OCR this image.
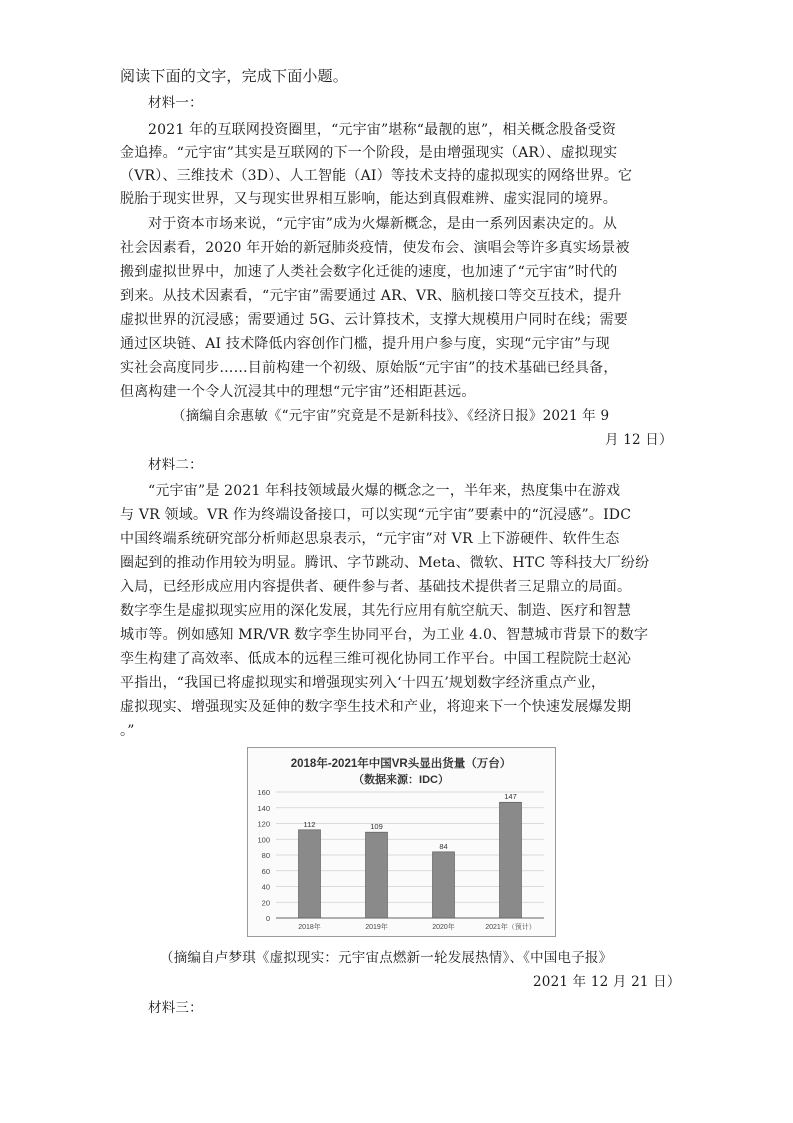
阅读下面的文字，完成下面小题。
材料一：
2021 年的互联网投资圈里，“元宇宙”堪称“最靓的崽”，相关概念股备受资
金追捧。“元宇宙”其实是互联网的下一个阶段，是由增强现实（AR）、虚拟现实
（VR）、三维技术（3D）、人工智能（AI）等技术支持的虚拟现实的网络世界。它
脱胎于现实世界，又与现实世界相互影响，能达到真假难辨、虚实混同的境界。
对于资本市场来说，“元宇宙”成为火爆新概念，是由一系列因素决定的。从
社会因素看，2020 年开始的新冠肺炎疫情，使发布会、演唱会等许多真实场景被
搬到虚拟世界中，加速了人类社会数字化迁徙的速度，也加速了“元宇宙”时代的
到来。从技术因素看，“元宇宙”需要通过 AR、VR、脑机接口等交互技术，提升
虚拟世界的沉浸感；需要通过 5G、云计算技术，支撑大规模用户同时在线；需要
通过区块链、AI 技术降低内容创作门槛，提升用户参与度，实现“元宇宙”与现
实社会高度同步……目前构建一个初级、原始版“元宇宙”的技术基础已经具备，
但离构建一个令人沉浸其中的理想“元宇宙”还相距甚远。
（摘编自余惠敏《“元宇宙”究竟是不是新科技》、《经济日报》2021 年 9
月 12 日）
材料二：
“元宇宙”是 2021 年科技领域最火爆的概念之一，半年来，热度集中在游戏
与 VR 领域。VR 作为终端设备接口，可以实现“元宇宙”要素中的“沉浸感”。IDC
中国终端系统研究部分析师赵思泉表示，“元宇宙”对 VR 上下游硬件、软件生态
圈起到的推动作用较为明显。腾讯、字节跳动、Meta、微软、HTC 等科技大厂纷纷
入局，已经形成应用内容提供者、硬件参与者、基础技术提供者三足鼎立的局面。
数字孪生是虚拟现实应用的深化发展，其先行应用有航空航天、制造、医疗和智慧
城市等。例如感知 MR/VR 数字孪生协同平台，为工业 4.0、智慧城市背景下的数字
孪生构建了高效率、低成本的远程三维可视化协同工作平台。中国工程院院士赵沁
平指出，“我国已将虚拟现实和增强现实列入‘十四五’规划数字经济重点产业，
虚拟现实、增强现实及延伸的数字孪生技术和产业，将迎来下一个快速发展爆发期
。”
2018年-2021年中国VR头显出货量（万台）
（数据来源：IDC）
0
20
40
60
80
100
120
140
160
112	109
84
147
2018年	2019年	2020年	2021年（预计）
（摘编自卢梦琪《虚拟现实：元宇宙点燃新一轮发展热情》、《中国电子报》
2021 年 12 月 21 日）
材料三：
